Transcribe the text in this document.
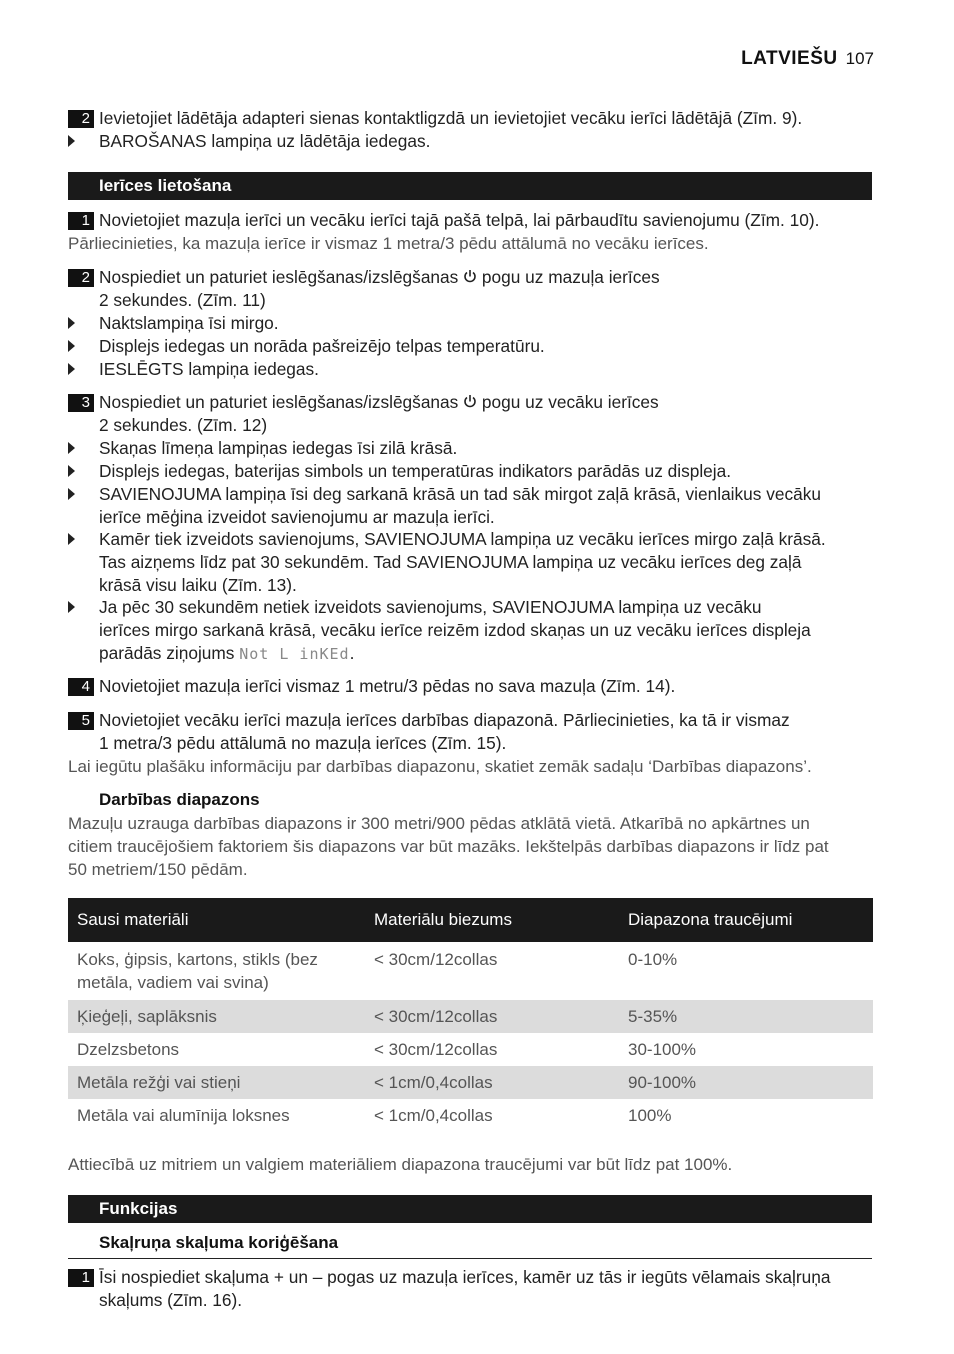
LATVIEŠU 107
2 Ievietojiet lādētāja adapteri sienas kontaktligzdā un ievietojiet vecāku ierīci lādētājā (Zīm. 9).
BAROŠANAS lampiņa uz lādētāja iedegas.
Ierīces lietošana
1 Novietojiet mazuļa ierīci un vecāku ierīci tajā pašā telpā, lai pārbaudītu savienojumu (Zīm. 10).
Pārliecinieties, ka mazuļa ierīce ir vismaz 1 metra/3 pēdu attālumā no vecāku ierīces.
2 Nospiediet un paturiet ieslēgšanas/izslēgšanas  pogu uz mazuļa ierīces
2 sekundes. (Zīm. 11)
Naktslampiņa īsi mirgo.
Displejs iedegas un norāda pašreizējo telpas temperatūru.
IESLĒGTS lampiņa iedegas.
3 Nospiediet un paturiet ieslēgšanas/izslēgšanas  pogu uz vecāku ierīces
2 sekundes. (Zīm. 12)
Skaņas līmeņa lampiņas iedegas īsi zilā krāsā.
Displejs iedegas, baterijas simbols un temperatūras indikators parādās uz displeja.
SAVIENOJUMA lampiņa īsi deg sarkanā krāsā un tad sāk mirgot zaļā krāsā, vienlaikus vecāku
ierīce mēģina izveidot savienojumu ar mazuļa ierīci.
Kamēr tiek izveidots savienojums, SAVIENOJUMA lampiņa uz vecāku ierīces mirgo zaļā krāsā.
Tas aizņems līdz pat 30 sekundēm. Tad SAVIENOJUMA lampiņa uz vecāku ierīces deg zaļā
krāsā visu laiku (Zīm. 13).
Ja pēc 30 sekundēm netiek izveidots savienojums, SAVIENOJUMA lampiņa uz vecāku
ierīces mirgo sarkanā krāsā, vecāku ierīce reizēm izdod skaņas un uz vecāku ierīces displeja
parādās ziņojums Not L inKEd.
4 Novietojiet mazuļa ierīci vismaz 1 metru/3 pēdas no sava mazuļa (Zīm. 14).
5 Novietojiet vecāku ierīci mazuļa ierīces darbības diapazonā. Pārliecinieties, ka tā ir vismaz
1 metra/3 pēdu attālumā no mazuļa ierīces (Zīm. 15).
Lai iegūtu plašāku informāciju par darbības diapazonu, skatiet zemāk sadaļu ‘Darbības diapazons’.
Darbības diapazons
Mazuļu uzrauga darbības diapazons ir 300 metri/900 pēdas atklātā vietā. Atkarībā no apkārtnes un
citiem traucējošiem faktoriem šis diapazons var būt mazāks. Iekštelpās darbības diapazons ir līdz pat
50 metriem/150 pēdām.
Sausi materiāli	Materiālu biezums	Diapazona traucējumi
Koks, ģipsis, kartons, stikls (bez
metāla, vadiem vai svina)	< 30cm/12collas	0-10%
Ķieģeļi, saplāksnis	< 30cm/12collas	5-35%
Dzelzsbetons	< 30cm/12collas	30-100%
Metāla režģi vai stieņi	< 1cm/0,4collas	90-100%
Metāla vai alumīnija loksnes	< 1cm/0,4collas	100%
Attiecībā uz mitriem un valgiem materiāliem diapazona traucējumi var būt līdz pat 100%.
Funkcijas
Skaļruņa skaļuma koriģēšana
1 Īsi nospiediet skaļuma + un – pogas uz mazuļa ierīces, kamēr uz tās ir iegūts vēlamais skaļruņa
skaļums (Zīm. 16).
